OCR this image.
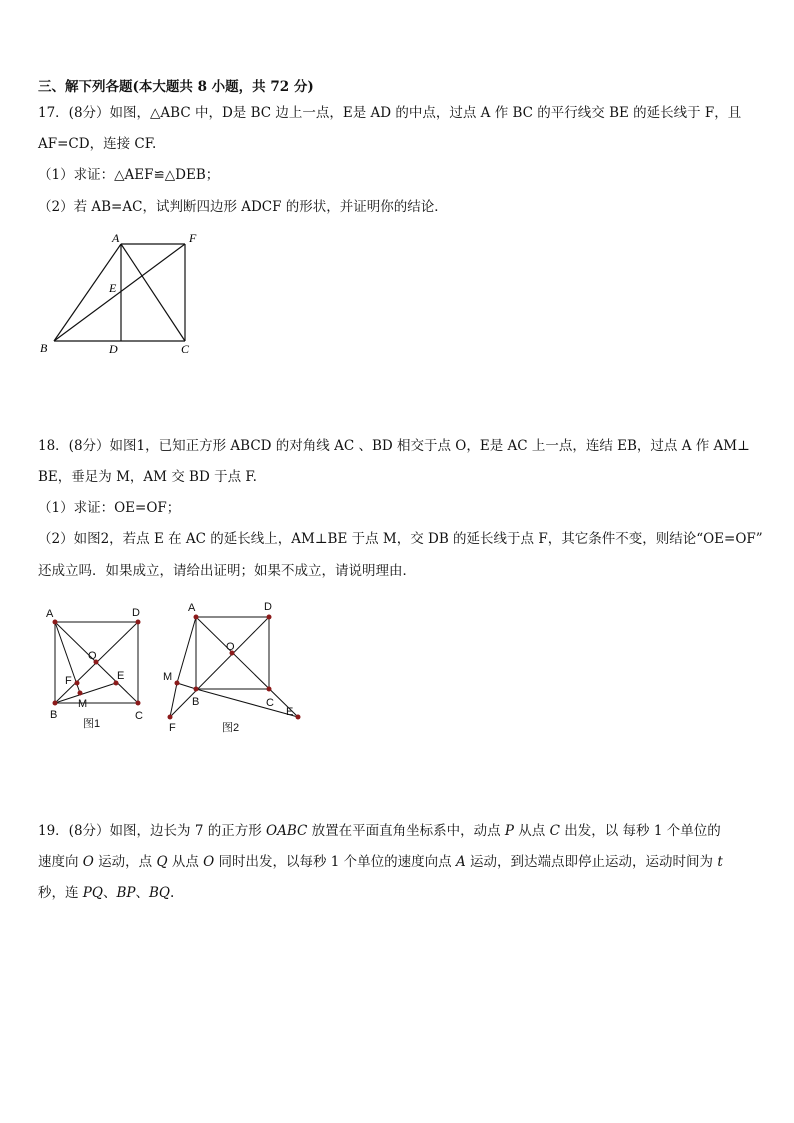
三、解下列各题(本大题共 8 小题，共 72 分)
17．(8分）如图，△ABC 中，D是 BC 边上一点，E是 AD 的中点，过点 A 作 BC 的平行线交 BE 的延长线于 F，且
AF=CD，连接 CF.
（1）求证：△AEF≌△DEB；
（2）若 AB=AC，试判断四边形 ADCF 的形状，并证明你的结论．
A	F
E
B	D	C
18．(8分）如图1，已知正方形 ABCD 的对角线 AC 、BD 相交于点 O，E是 AC 上一点，连结 EB，过点 A 作 AM⊥
BE，垂足为 M，AM 交 BD 于点 F.
（1）求证：OE=OF；
（2）如图2，若点 E 在 AC 的延长线上，AM⊥BE 于点 M，交 DB 的延长线于点 F，其它条件不变，则结论“OE=OF”
还成立吗．如果成立，请给出证明；如果不成立，请说明理由．
A	D
O
F	E
M
B	C
图1
A	D
O
M
B	C
E
F	图2
19．(8分）如图，边长为 7 的正方形 OABC 放置在平面直角坐标系中，动点 P 从点 C 出发，以 每秒 1 个单位的
速度向 O 运动，点 Q 从点 O 同时出发，以每秒 1 个单位的速度向点 A 运动，到达端点即停止运动，运动时间为 t
秒，连 PQ、BP、BQ.
